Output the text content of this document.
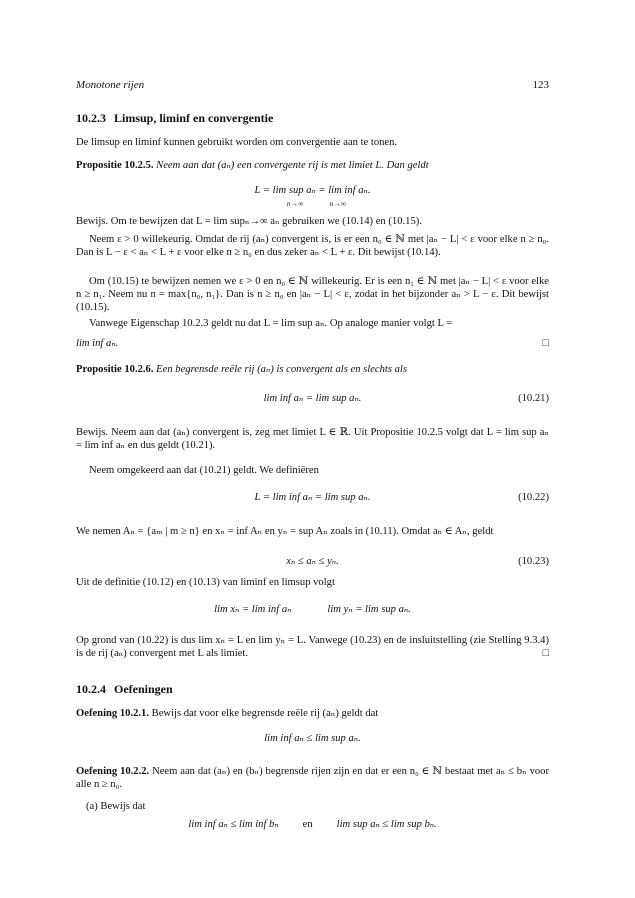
Monotone rijen	123
10.2.3 Limsup, liminf en convergentie
De limsup en liminf kunnen gebruikt worden om convergentie aan te tonen.
Propositie 10.2.5. Neem aan dat (aₙ) een convergente rij is met limiet L. Dan geldt
L = lim sup aₙ = lim inf aₙ.
n→∞	n→∞
Bewijs. Om te bewijzen dat L = lim supₙ→∞ aₙ gebruiken we (10.14) en (10.15).
Neem ε > 0 willekeurig. Omdat de rij (aₙ) convergent is, is er een n₀ ∈ ℕ met |aₙ − L| < ε voor elke n ≥ n₀. Dan is L − ε < aₙ < L + ε voor elke n ≥ n₀ en dus zeker aₙ < L + ε. Dit bewijst (10.14).
Om (10.15) te bewijzen nemen we ε > 0 en n₀ ∈ ℕ willekeurig. Er is een n₁ ∈ ℕ met |aₙ − L| < ε voor elke n ≥ n₁. Neem nu n = max{n₀, n₁}. Dan is n ≥ n₀ en |aₙ − L| < ε, zodat in het bijzonder aₙ > L − ε. Dit bewijst (10.15).
Vanwege Eigenschap 10.2.3 geldt nu dat L = lim sup aₙ. Op analoge manier volgt L =
lim inf aₙ.	□
Propositie 10.2.6. Een begrensde reële rij (aₙ) is convergent als en slechts als
lim inf aₙ = lim sup aₙ.	(10.21)
Bewijs. Neem aan dat (aₙ) convergent is, zeg met limiet L ∈ ℝ. Uit Propositie 10.2.5 volgt dat L = lim sup aₙ = lim inf aₙ en dus geldt (10.21).
Neem omgekeerd aan dat (10.21) geldt. We definiëren
L = lim inf aₙ = lim sup aₙ.	(10.22)
We nemen Aₙ = {aₘ | m ≥ n} en xₙ = inf Aₙ en yₙ = sup Aₙ zoals in (10.11). Omdat aₙ ∈ Aₙ, geldt
xₙ ≤ aₙ ≤ yₙ.	(10.23)
Uit de definitie (10.12) en (10.13) van liminf en limsup volgt
lim xₙ = lim inf aₙ	lim yₙ = lim sup aₙ.
Op grond van (10.22) is dus lim xₙ = L en lim yₙ = L. Vanwege (10.23) en de insluitstelling (zie Stelling 9.3.4) is de rij (aₙ) convergent met L als limiet.	□
10.2.4 Oefeningen
Oefening 10.2.1. Bewijs dat voor elke begrensde reële rij (aₙ) geldt dat
lim inf aₙ ≤ lim sup aₙ.
Oefening 10.2.2. Neem aan dat (aₙ) en (bₙ) begrensde rijen zijn en dat er een n₀ ∈ ℕ bestaat met aₙ ≤ bₙ voor alle n ≥ n₀.
(a) Bewijs dat
lim inf aₙ ≤ lim inf bₙ en lim sup aₙ ≤ lim sup bₙ.
